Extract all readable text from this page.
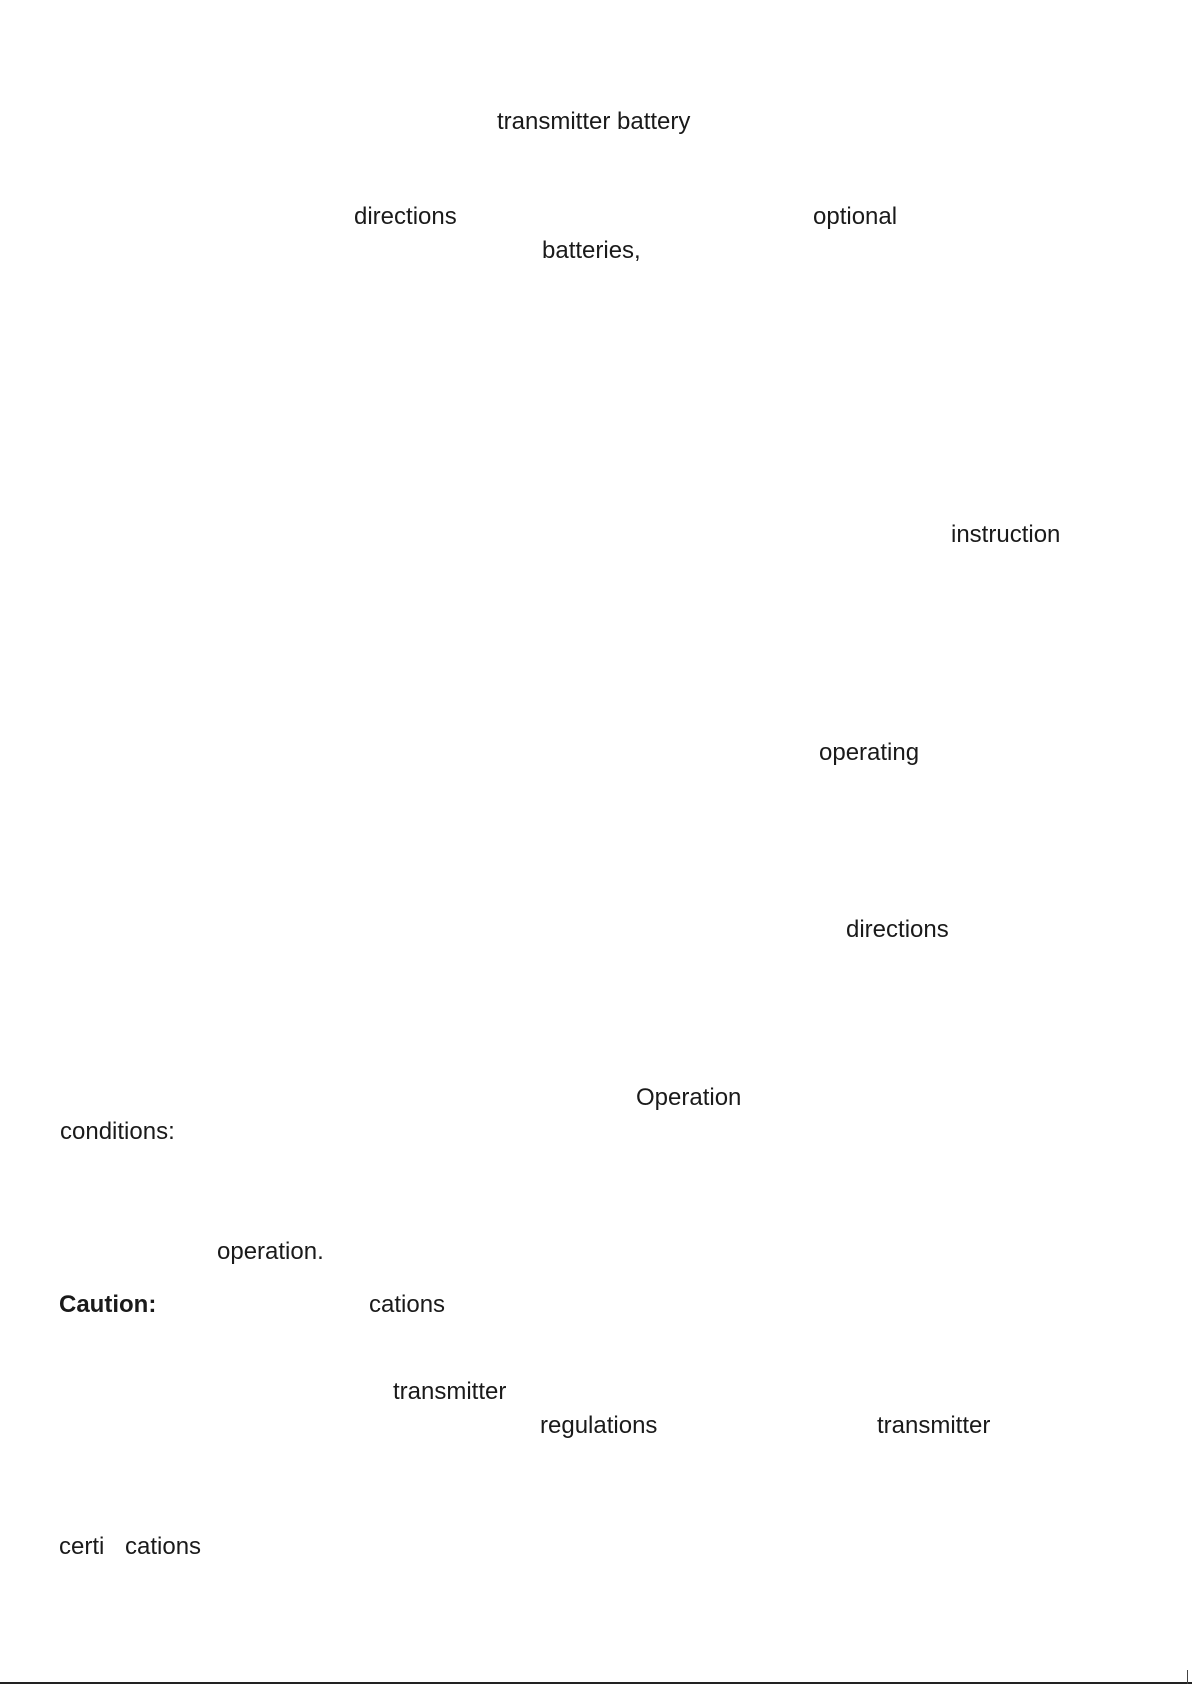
transmitter battery
directions	optional
batteries,
instruction
operating
directions
Operation
conditions:
operation.
Caution:	cations
transmitter
regulations	transmitter
certi cations
